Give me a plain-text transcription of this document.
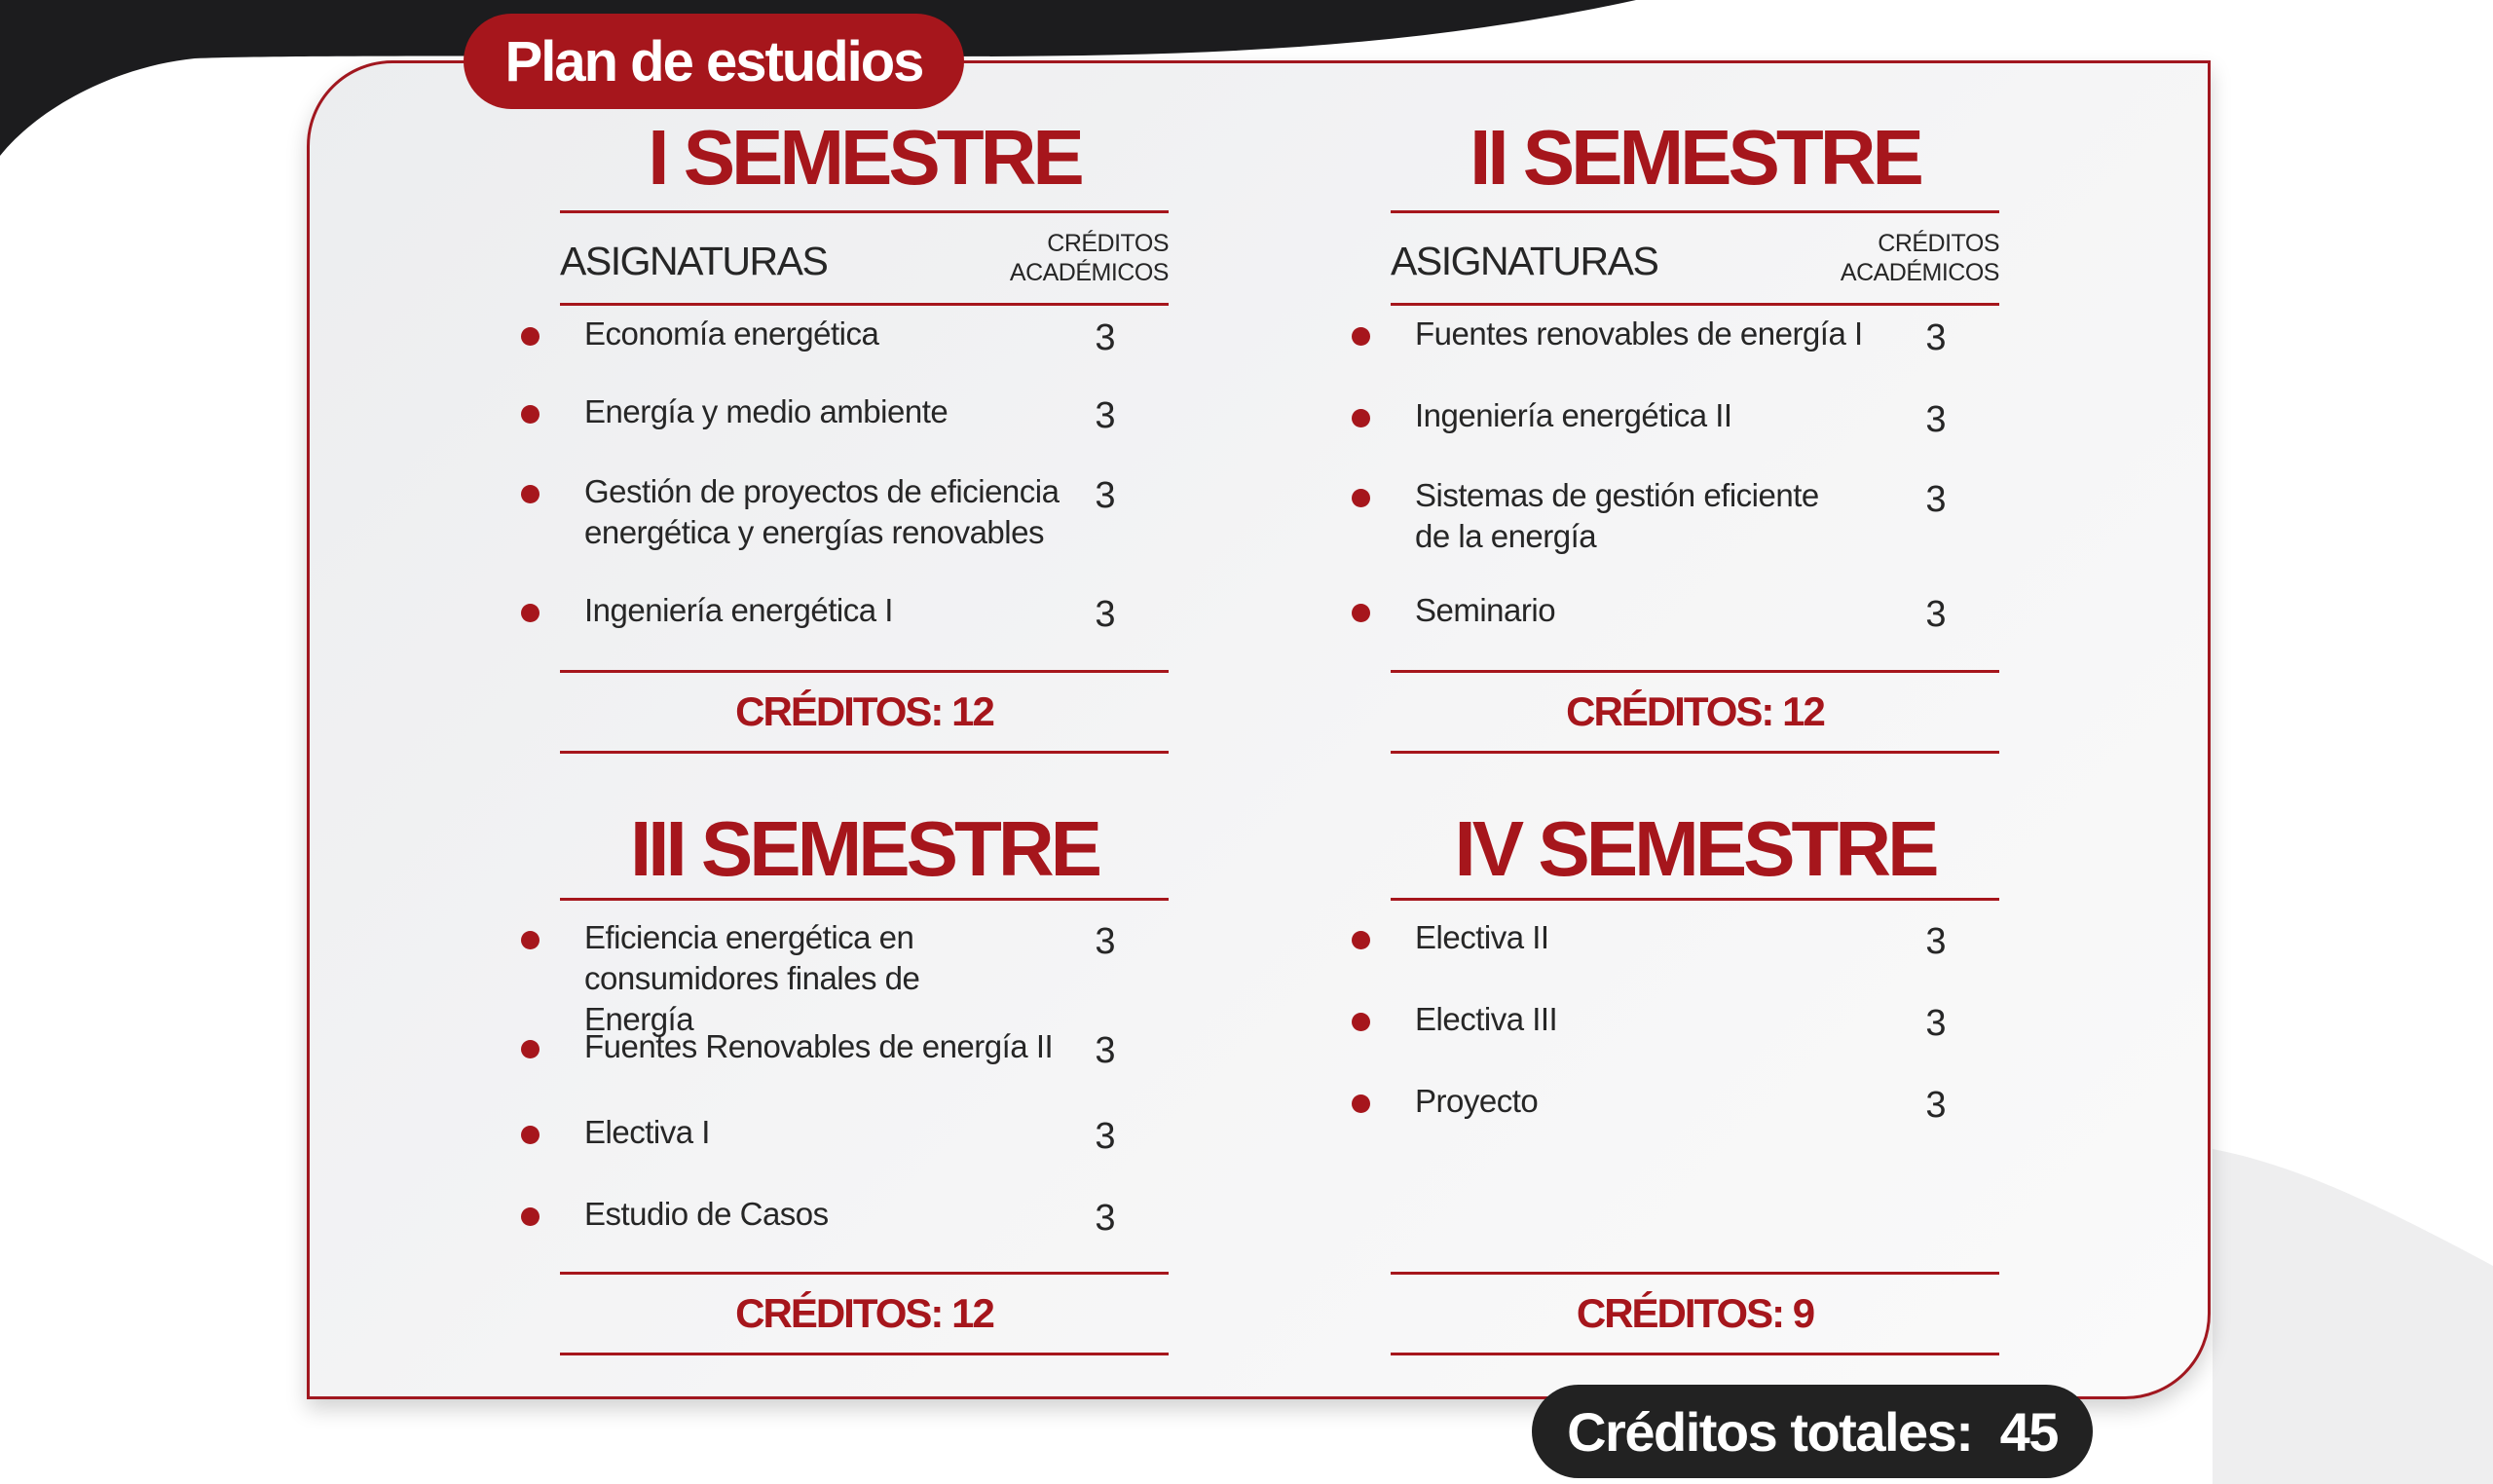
Plan de estudios
I SEMESTRE
ASIGNATURAS	CRÉDITOS
ACADÉMICOS
Economía energética	3
Energía y medio ambiente	3
Gestión de proyectos de eficiencia energética y energías renovables
3
Ingeniería energética I	3
CRÉDITOS: 12
II SEMESTRE
ASIGNATURAS	CRÉDITOS
ACADÉMICOS
Fuentes renovables de energía I	3
Ingeniería energética II	3
Sistemas de gestión eficiente de la energía
3
Seminario	3
CRÉDITOS: 12
III SEMESTRE
Eficiencia energética en consumidores finales de Energía
3
Fuentes Renovables de energía II	3
Electiva I	3
Estudio de Casos	3
CRÉDITOS: 12
IV SEMESTRE
Electiva II	3
Electiva III	3
Proyecto	3
CRÉDITOS: 9
Créditos totales:  45
